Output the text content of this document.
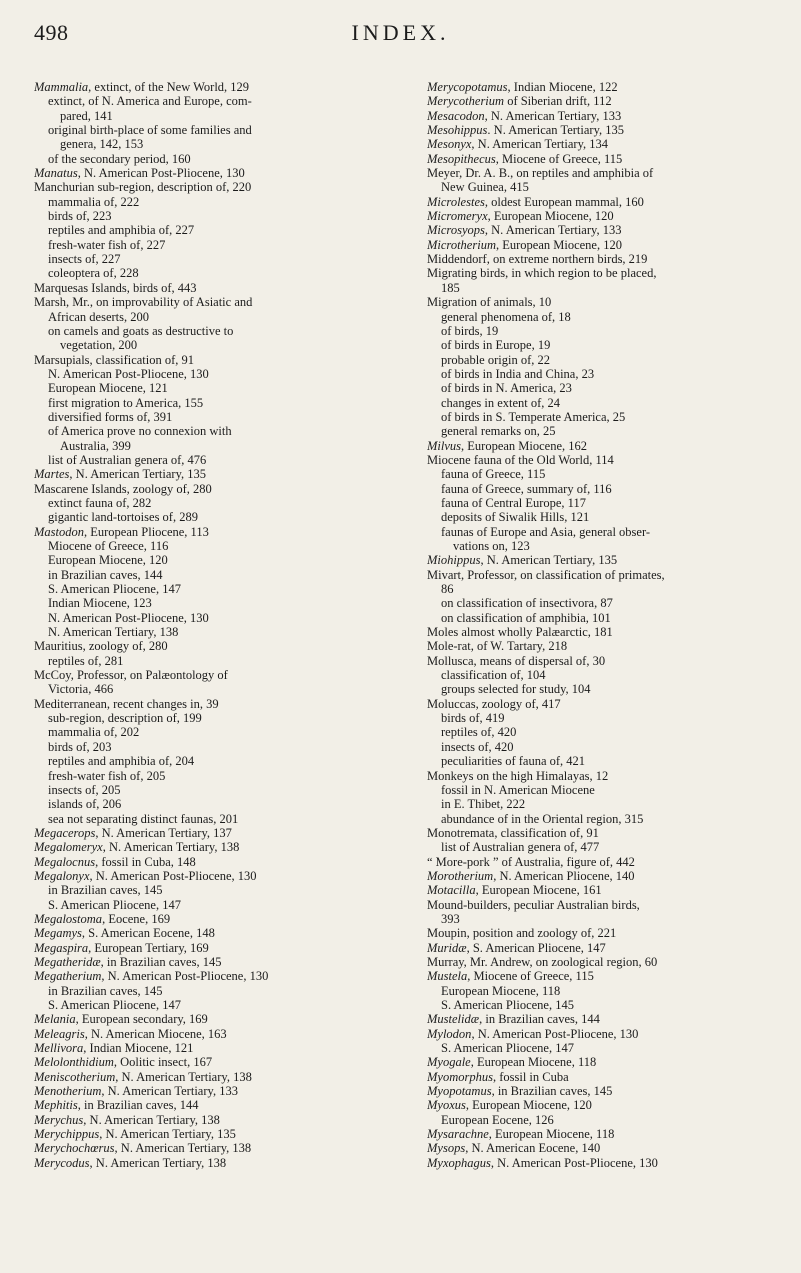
498	INDEX.
Mammalia, extinct, of the New World, 129
extinct, of N. America and Europe, com-
pared, 141
original birth-place of some families and
genera, 142, 153
of the secondary period, 160
Manatus, N. American Post-Pliocene, 130
Manchurian sub-region, description of, 220
mammalia of, 222
birds of, 223
reptiles and amphibia of, 227
fresh-water fish of, 227
insects of, 227
coleoptera of, 228
Marquesas Islands, birds of, 443
Marsh, Mr., on improvability of Asiatic and
African deserts, 200
on camels and goats as destructive to
vegetation, 200
Marsupials, classification of, 91
N. American Post-Pliocene, 130
European Miocene, 121
first migration to America, 155
diversified forms of, 391
of America prove no connexion with
Australia, 399
list of Australian genera of, 476
Martes, N. American Tertiary, 135
Mascarene Islands, zoology of, 280
extinct fauna of, 282
gigantic land-tortoises of, 289
Mastodon, European Pliocene, 113
Miocene of Greece, 116
European Miocene, 120
in Brazilian caves, 144
S. American Pliocene, 147
Indian Miocene, 123
N. American Post-Pliocene, 130
N. American Tertiary, 138
Mauritius, zoology of, 280
reptiles of, 281
McCoy, Professor, on Palæontology of
Victoria, 466
Mediterranean, recent changes in, 39
sub-region, description of, 199
mammalia of, 202
birds of, 203
reptiles and amphibia of, 204
fresh-water fish of, 205
insects of, 205
islands of, 206
sea not separating distinct faunas, 201
Megacerops, N. American Tertiary, 137
Megalomeryx, N. American Tertiary, 138
Megalocnus, fossil in Cuba, 148
Megalonyx, N. American Post-Pliocene, 130
in Brazilian caves, 145
S. American Pliocene, 147
Megalostoma, Eocene, 169
Megamys, S. American Eocene, 148
Megaspira, European Tertiary, 169
Megatheridæ, in Brazilian caves, 145
Megatherium, N. American Post-Pliocene, 130
in Brazilian caves, 145
S. American Pliocene, 147
Melania, European secondary, 169
Meleagris, N. American Miocene, 163
Mellivora, Indian Miocene, 121
Melolonthidium, Oolitic insect, 167
Meniscotherium, N. American Tertiary, 138
Menotherium, N. American Tertiary, 133
Mephitis, in Brazilian caves, 144
Merychus, N. American Tertiary, 138
Merychippus, N. American Tertiary, 135
Merychochœrus, N. American Tertiary, 138
Merycodus, N. American Tertiary, 138
Merycopotamus, Indian Miocene, 122
Merycotherium of Siberian drift, 112
Mesacodon, N. American Tertiary, 133
Mesohippus. N. American Tertiary, 135
Mesonyx, N. American Tertiary, 134
Mesopithecus, Miocene of Greece, 115
Meyer, Dr. A. B., on reptiles and amphibia of
New Guinea, 415
Microlestes, oldest European mammal, 160
Micromeryx, European Miocene, 120
Microsyops, N. American Tertiary, 133
Microtherium, European Miocene, 120
Middendorf, on extreme northern birds, 219
Migrating birds, in which region to be placed,
185
Migration of animals, 10
general phenomena of, 18
of birds, 19
of birds in Europe, 19
probable origin of, 22
of birds in India and China, 23
of birds in N. America, 23
changes in extent of, 24
of birds in S. Temperate America, 25
general remarks on, 25
Milvus, European Miocene, 162
Miocene fauna of the Old World, 114
fauna of Greece, 115
fauna of Greece, summary of, 116
fauna of Central Europe, 117
deposits of Siwalik Hills, 121
faunas of Europe and Asia, general obser-
vations on, 123
Miohippus, N. American Tertiary, 135
Mivart, Professor, on classification of primates,
86
on classification of insectivora, 87
on classification of amphibia, 101
Moles almost wholly Palæarctic, 181
Mole-rat, of W. Tartary, 218
Mollusca, means of dispersal of, 30
classification of, 104
groups selected for study, 104
Moluccas, zoology of, 417
birds of, 419
reptiles of, 420
insects of, 420
peculiarities of fauna of, 421
Monkeys on the high Himalayas, 12
fossil in N. American Miocene
in E. Thibet, 222
abundance of in the Oriental region, 315
Monotremata, classification of, 91
list of Australian genera of, 477
“ More-pork ” of Australia, figure of, 442
Morotherium, N. American Pliocene, 140
Motacilla, European Miocene, 161
Mound-builders, peculiar Australian birds,
393
Moupin, position and zoology of, 221
Muridæ, S. American Pliocene, 147
Murray, Mr. Andrew, on zoological region, 60
Mustela, Miocene of Greece, 115
European Miocene, 118
S. American Pliocene, 145
Mustelidæ, in Brazilian caves, 144
Mylodon, N. American Post-Pliocene, 130
S. American Pliocene, 147
Myogale, European Miocene, 118
Myomorphus, fossil in Cuba
Myopotamus, in Brazilian caves, 145
Myoxus, European Miocene, 120
European Eocene, 126
Mysarachne, European Miocene, 118
Mysops, N. American Eocene, 140
Myxophagus, N. American Post-Pliocene, 130
